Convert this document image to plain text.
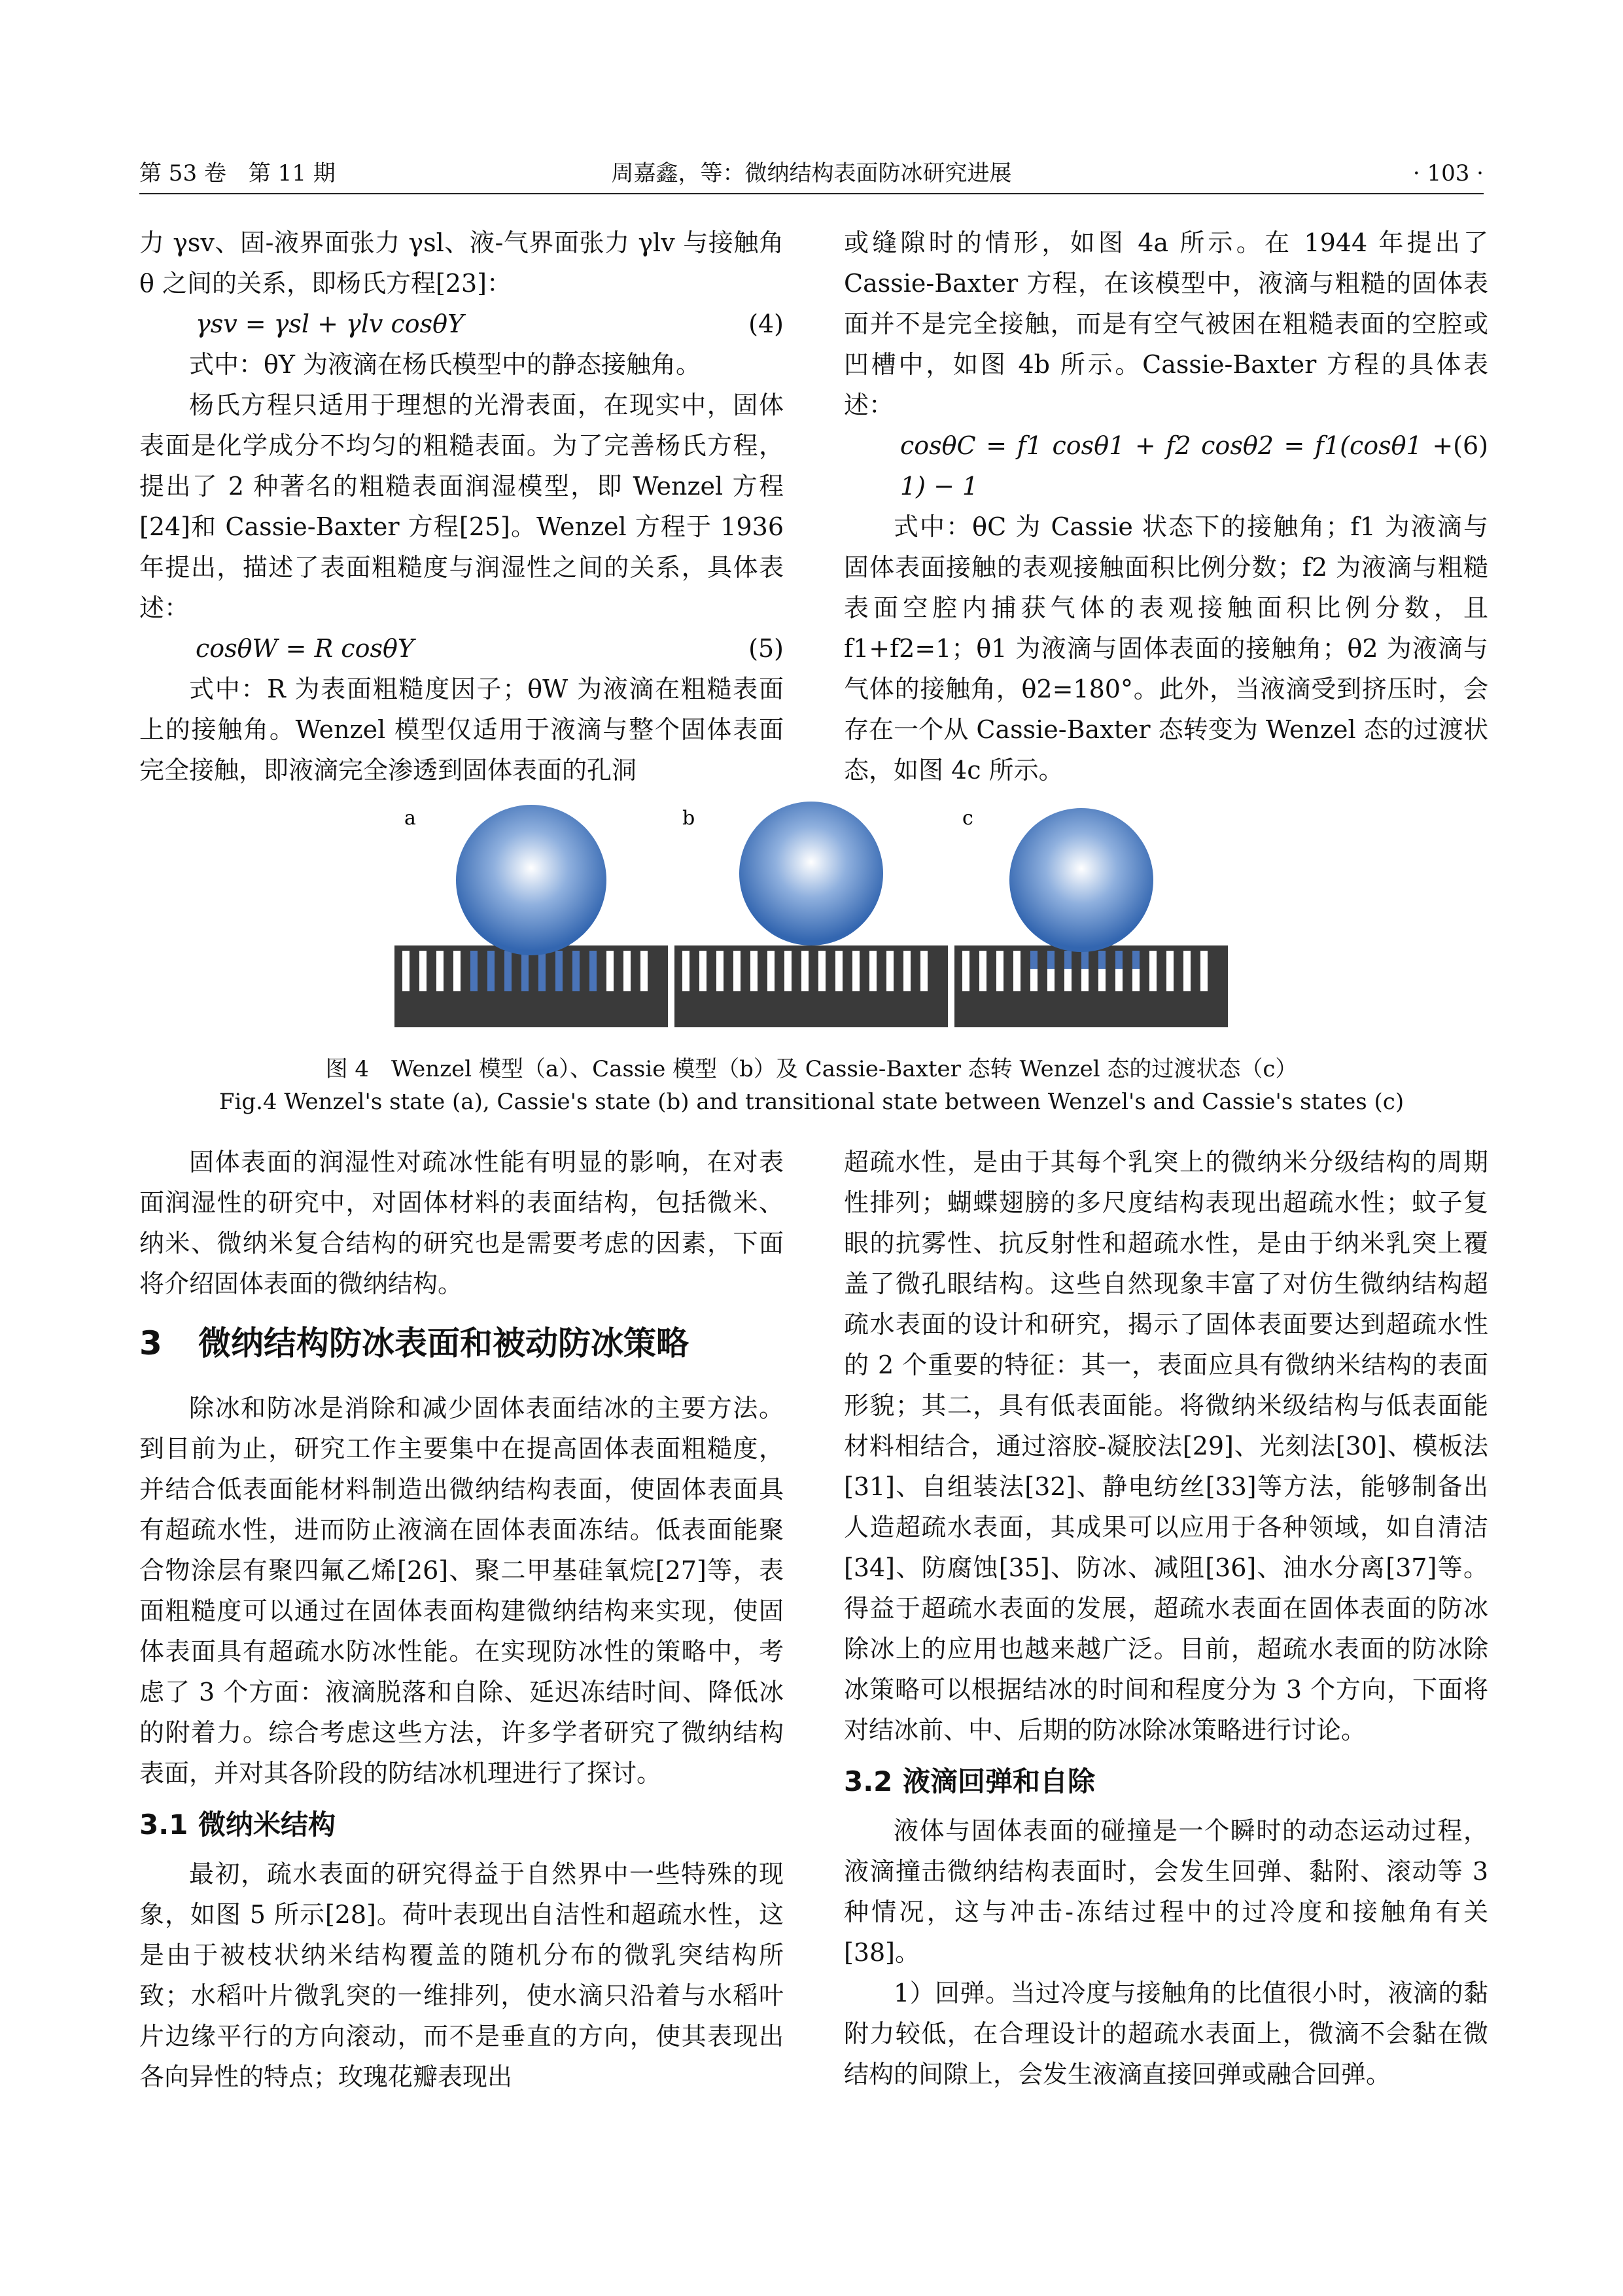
第 53 卷　第 11 期	周嘉鑫，等：微纳结构表面防冰研究进展	· 103 ·

力 γsv、固-液界面张力 γsl、液-气界面张力 γlv 与接触角 θ 之间的关系，即杨氏方程[23]：

γsv = γsl + γlv cosθY	(4)

式中：θY 为液滴在杨氏模型中的静态接触角。

杨氏方程只适用于理想的光滑表面，在现实中，固体表面是化学成分不均匀的粗糙表面。为了完善杨氏方程，提出了 2 种著名的粗糙表面润湿模型，即 Wenzel 方程[24]和 Cassie-Baxter 方程[25]。Wenzel 方程于 1936 年提出，描述了表面粗糙度与润湿性之间的关系，具体表述：

cosθW = R cosθY	(5)

式中：R 为表面粗糙度因子；θW 为液滴在粗糙表面上的接触角。Wenzel 模型仅适用于液滴与整个固体表面完全接触，即液滴完全渗透到固体表面的孔洞

或缝隙时的情形，如图 4a 所示。在 1944 年提出了 Cassie-Baxter 方程，在该模型中，液滴与粗糙的固体表面并不是完全接触，而是有空气被困在粗糙表面的空腔或凹槽中，如图 4b 所示。Cassie-Baxter 方程的具体表述：

cosθC = f1 cosθ1 + f2 cosθ2 = f1(cosθ1 + 1) − 1
(6)

式中：θC 为 Cassie 状态下的接触角；f1 为液滴与固体表面接触的表观接触面积比例分数；f2 为液滴与粗糙表面空腔内捕获气体的表观接触面积比例分数，且 f1+f2=1；θ1 为液滴与固体表面的接触角；θ2 为液滴与气体的接触角，θ2=180°。此外，当液滴受到挤压时，会存在一个从 Cassie-Baxter 态转变为 Wenzel 态的过渡状态，如图 4c 所示。

a	b	c
图 4　Wenzel 模型（a）、Cassie 模型（b）及 Cassie-Baxter 态转 Wenzel 态的过渡状态（c）
Fig.4 Wenzel's state (a), Cassie's state (b) and transitional state between Wenzel's and Cassie's states (c)

固体表面的润湿性对疏冰性能有明显的影响，在对表面润湿性的研究中，对固体材料的表面结构，包括微米、纳米、微纳米复合结构的研究也是需要考虑的因素，下面将介绍固体表面的微纳结构。

3 微纳结构防冰表面和被动防冰策略

除冰和防冰是消除和减少固体表面结冰的主要方法。到目前为止，研究工作主要集中在提高固体表面粗糙度，并结合低表面能材料制造出微纳结构表面，使固体表面具有超疏水性，进而防止液滴在固体表面冻结。低表面能聚合物涂层有聚四氟乙烯[26]、聚二甲基硅氧烷[27]等，表面粗糙度可以通过在固体表面构建微纳结构来实现，使固体表面具有超疏水防冰性能。在实现防冰性的策略中，考虑了 3 个方面：液滴脱落和自除、延迟冻结时间、降低冰的附着力。综合考虑这些方法，许多学者研究了微纳结构表面，并对其各阶段的防结冰机理进行了探讨。

3.1 微纳米结构

最初，疏水表面的研究得益于自然界中一些特殊的现象，如图 5 所示[28]。荷叶表现出自洁性和超疏水性，这是由于被枝状纳米结构覆盖的随机分布的微乳突结构所致；水稻叶片微乳突的一维排列，使水滴只沿着与水稻叶片边缘平行的方向滚动，而不是垂直的方向，使其表现出各向异性的特点；玫瑰花瓣表现出

超疏水性，是由于其每个乳突上的微纳米分级结构的周期性排列；蝴蝶翅膀的多尺度结构表现出超疏水性；蚊子复眼的抗雾性、抗反射性和超疏水性，是由于纳米乳突上覆盖了微孔眼结构。这些自然现象丰富了对仿生微纳结构超疏水表面的设计和研究，揭示了固体表面要达到超疏水性的 2 个重要的特征：其一，表面应具有微纳米结构的表面形貌；其二，具有低表面能。将微纳米级结构与低表面能材料相结合，通过溶胶-凝胶法[29]、光刻法[30]、模板法[31]、自组装法[32]、静电纺丝[33]等方法，能够制备出人造超疏水表面，其成果可以应用于各种领域，如自清洁[34]、防腐蚀[35]、防冰、减阻[36]、油水分离[37]等。得益于超疏水表面的发展，超疏水表面在固体表面的防冰除冰上的应用也越来越广泛。目前，超疏水表面的防冰除冰策略可以根据结冰的时间和程度分为 3 个方向，下面将对结冰前、中、后期的防冰除冰策略进行讨论。

3.2 液滴回弹和自除

液体与固体表面的碰撞是一个瞬时的动态运动过程，液滴撞击微纳结构表面时，会发生回弹、黏附、滚动等 3 种情况，这与冲击-冻结过程中的过冷度和接触角有关[38]。

1）回弹。当过冷度与接触角的比值很小时，液滴的黏附力较低，在合理设计的超疏水表面上，微滴不会黏在微结构的间隙上，会发生液滴直接回弹或融合回弹。
